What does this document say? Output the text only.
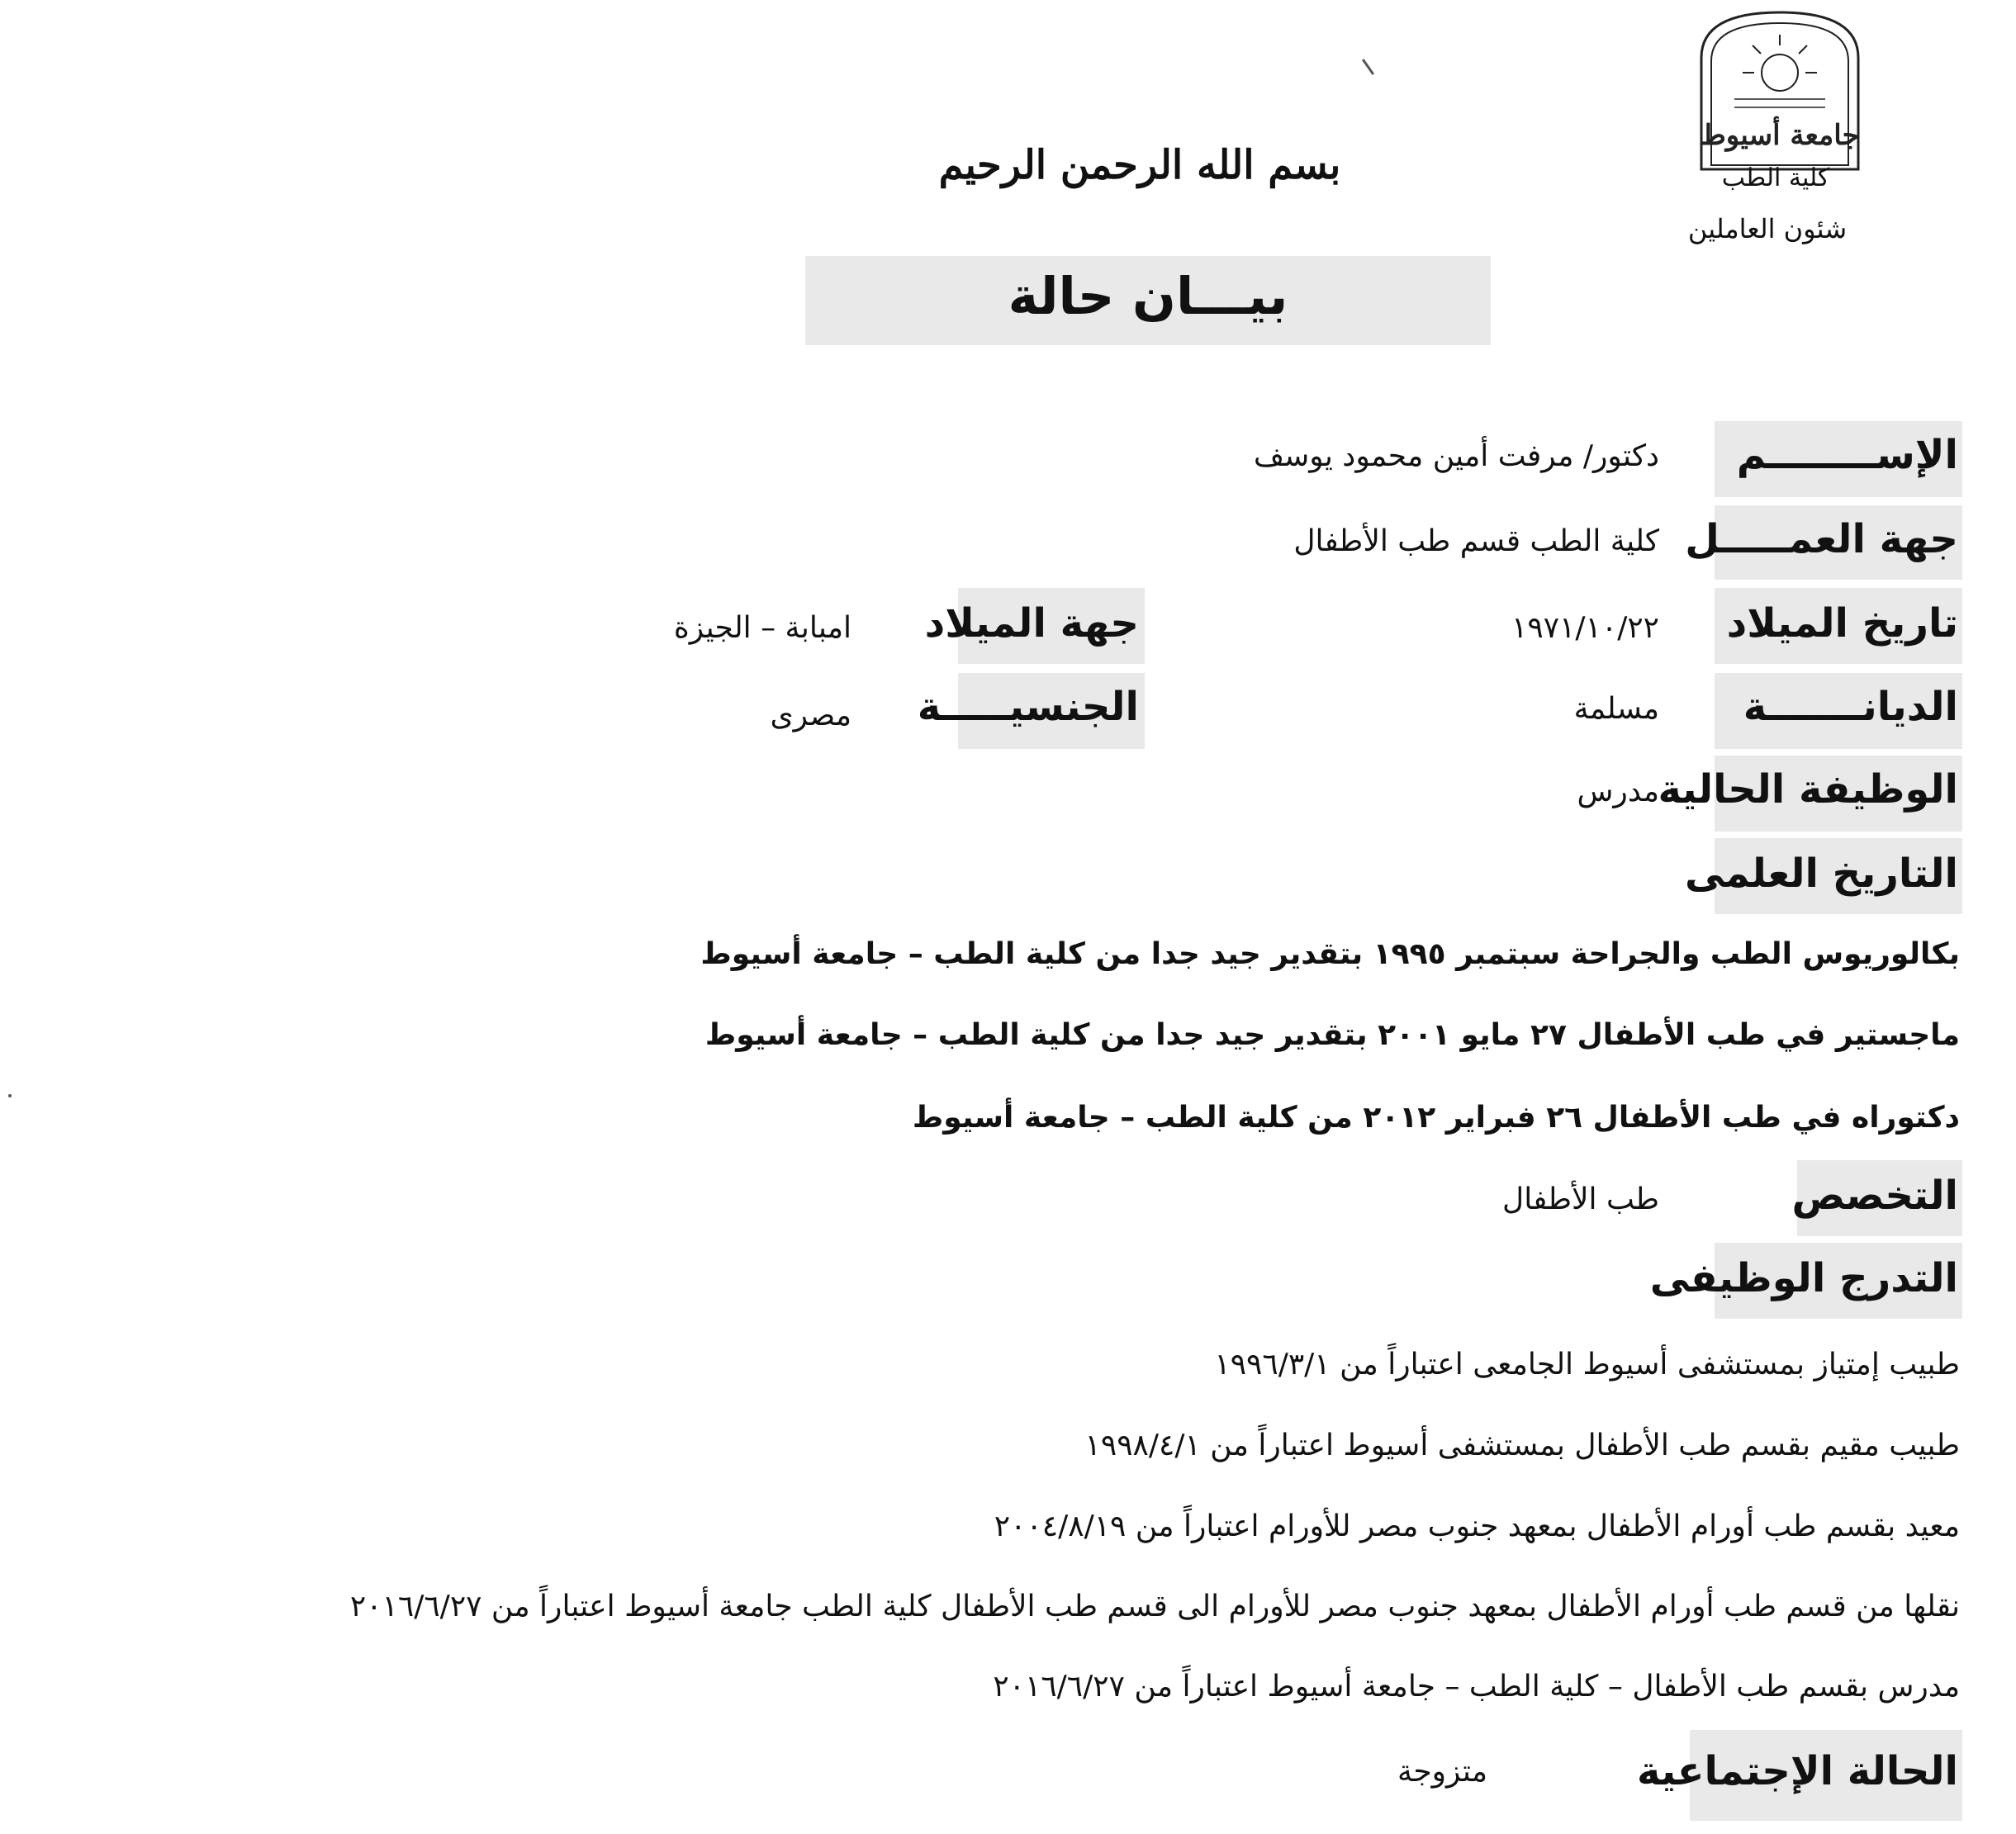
جامعة أسيوط
كلية الطب
شئون العاملين
بسم الله الرحمن الرحيم
بيـــان حالة
الإســــــــم
دكتور/ مرفت أمين محمود يوسف
جهة العمـــــل
كلية الطب قسم طب الأطفال
تاريخ الميلاد
١٩٧١/١٠/٢٢
جهة الميلاد
امبابة – الجيزة
الديانـــــــة
مسلمة
الجنسيـــــة
مصرى
الوظيفة الحالية
مدرس
التاريخ العلمى
بكالوريوس الطب والجراحة سبتمبر ١٩٩٥ بتقدير جيد جدا من كلية الطب – جامعة أسيوط
ماجستير في طب الأطفال ٢٧ مايو ٢٠٠١ بتقدير جيد جدا من كلية الطب – جامعة أسيوط
دكتوراه في طب الأطفال ٢٦ فبراير ٢٠١٢ من كلية الطب – جامعة أسيوط
التخصص
طب الأطفال
التدرج الوظيفى
طبيب إمتياز بمستشفى أسيوط الجامعى اعتباراً من ١٩٩٦/٣/١
طبيب مقيم بقسم طب الأطفال بمستشفى أسيوط اعتباراً من ١٩٩٨/٤/١
معيد بقسم طب أورام الأطفال بمعهد جنوب مصر للأورام اعتباراً من ٢٠٠٤/٨/١٩
نقلها من قسم طب أورام الأطفال بمعهد جنوب مصر للأورام الى قسم طب الأطفال كلية الطب جامعة أسيوط اعتباراً من ٢٠١٦/٦/٢٧
مدرس بقسم طب الأطفال – كلية الطب – جامعة أسيوط اعتباراً من ٢٠١٦/٦/٢٧
الحالة الإجتماعية
متزوجة
